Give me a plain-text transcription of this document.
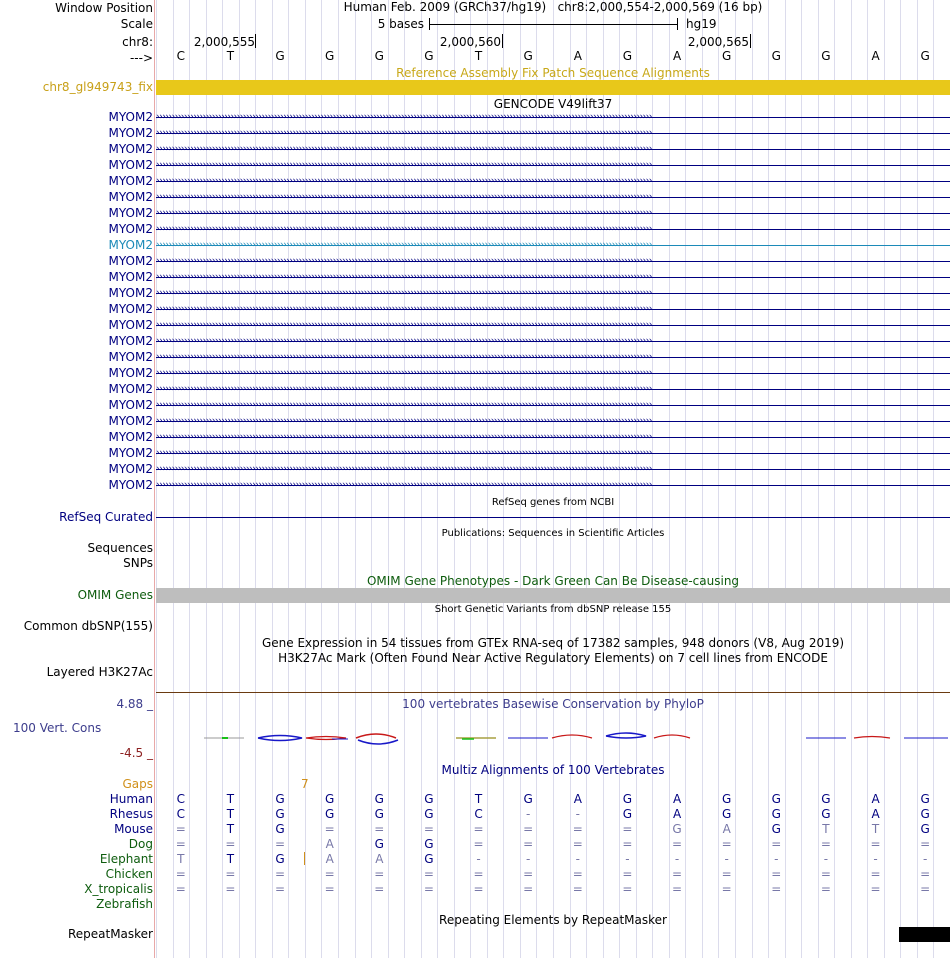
Window Position	Human Feb. 2009 (GRCh37/hg19)   chr8:2,000,554-2,000,569 (16 bp)
Scale	5 bases	hg19
chr8:	2,000,555	2,000,560	2,000,565
--->	C	T	G	G	G	G	T	G	A	G	A	G	G	G	A	G
Reference Assembly Fix Patch Sequence Alignments
chr8_gl949743_fix
GENCODE V49lift37
MYOM2 ››››››››››››››››››››››››››››››››››››››››››››››››››››››››››››››››››››››››››››››››››››››››››››››››››››››››››››››››››››››››››››››››››››››››››››››››››››››››››››››››
MYOM2 ››››››››››››››››››››››››››››››››››››››››››››››››››››››››››››››››››››››››››››››››››››››››››››››››››››››››››››››››››››››››››››››››››››››››››››››››››››››››››››››››
MYOM2 ››››››››››››››››››››››››››››››››››››››››››››››››››››››››››››››››››››››››››››››››››››››››››››››››››››››››››››››››››››››››››››››››››››››››››››››››››››››››››››››››
MYOM2 ››››››››››››››››››››››››››››››››››››››››››››››››››››››››››››››››››››››››››››››››››››››››››››››››››››››››››››››››››››››››››››››››››››››››››››››››››››››››››››››››
MYOM2 ››››››››››››››››››››››››››››››››››››››››››››››››››››››››››››››››››››››››››››››››››››››››››››››››››››››››››››››››››››››››››››››››››››››››››››››››››››››››››››››››
MYOM2 ››››››››››››››››››››››››››››››››››››››››››››››››››››››››››››››››››››››››››››››››››››››››››››››››››››››››››››››››››››››››››››››››››››››››››››››››››››››››››››››››
MYOM2 ››››››››››››››››››››››››››››››››››››››››››››››››››››››››››››››››››››››››››››››››››››››››››››››››››››››››››››››››››››››››››››››››››››››››››››››››››››››››››››››››
MYOM2 ››››››››››››››››››››››››››››››››››››››››››››››››››››››››››››››››››››››››››››››››››››››››››››››››››››››››››››››››››››››››››››››››››››››››››››››››››››››››››››››››
MYOM2 ››››››››››››››››››››››››››››››››››››››››››››››››››››››››››››››››››››››››››››››››››››››››››››››››››››››››››››››››››››››››››››››››››››››››››››››››››››››››››››››››
MYOM2 ››››››››››››››››››››››››››››››››››››››››››››››››››››››››››››››››››››››››››››››››››››››››››››››››››››››››››››››››››››››››››››››››››››››››››››››››››››››››››››››››
MYOM2 ››››››››››››››››››››››››››››››››››››››››››››››››››››››››››››››››››››››››››››››››››››››››››››››››››››››››››››››››››››››››››››››››››››››››››››››››››››››››››››››››
MYOM2 ››››››››››››››››››››››››››››››››››››››››››››››››››››››››››››››››››››››››››››››››››››››››››››››››››››››››››››››››››››››››››››››››››››››››››››››››››››››››››››››››
MYOM2 ››››››››››››››››››››››››››››››››››››››››››››››››››››››››››››››››››››››››››››››››››››››››››››››››››››››››››››››››››››››››››››››››››››››››››››››››››››››››››››››››
MYOM2 ››››››››››››››››››››››››››››››››››››››››››››››››››››››››››››››››››››››››››››››››››››››››››››››››››››››››››››››››››››››››››››››››››››››››››››››››››››››››››››››››
MYOM2 ››››››››››››››››››››››››››››››››››››››››››››››››››››››››››››››››››››››››››››››››››››››››››››››››››››››››››››››››››››››››››››››››››››››››››››››››››››››››››››››››
MYOM2 ››››››››››››››››››››››››››››››››››››››››››››››››››››››››››››››››››››››››››››››››››››››››››››››››››››››››››››››››››››››››››››››››››››››››››››››››››››››››››››››››
MYOM2 ››››››››››››››››››››››››››››››››››››››››››››››››››››››››››››››››››››››››››››››››››››››››››››››››››››››››››››››››››››››››››››››››››››››››››››››››››››››››››››››››
MYOM2 ››››››››››››››››››››››››››››››››››››››››››››››››››››››››››››››››››››››››››››››››››››››››››››››››››››››››››››››››››››››››››››››››››››››››››››››››››››››››››››››››
MYOM2 ››››››››››››››››››››››››››››››››››››››››››››››››››››››››››››››››››››››››››››››››››››››››››››››››››››››››››››››››››››››››››››››››››››››››››››››››››››››››››››››››
MYOM2 ››››››››››››››››››››››››››››››››››››››››››››››››››››››››››››››››››››››››››››››››››››››››››››››››››››››››››››››››››››››››››››››››››››››››››››››››››››››››››››››››
MYOM2 ››››››››››››››››››››››››››››››››››››››››››››››››››››››››››››››››››››››››››››››››››››››››››››››››››››››››››››››››››››››››››››››››››››››››››››››››››››››››››››››››
MYOM2 ››››››››››››››››››››››››››››››››››››››››››››››››››››››››››››››››››››››››››››››››››››››››››››››››››››››››››››››››››››››››››››››››››››››››››››››››››››››››››››››››
MYOM2 ››››››››››››››››››››››››››››››››››››››››››››››››››››››››››››››››››››››››››››››››››››››››››››››››››››››››››››››››››››››››››››››››››››››››››››››››››››››››››››››››
MYOM2 ››››››››››››››››››››››››››››››››››››››››››››››››››››››››››››››››››››››››››››››››››››››››››››››››››››››››››››››››››››››››››››››››››››››››››››››››››››››››››››››››
RefSeq genes from NCBI
RefSeq Curated
Publications: Sequences in Scientific Articles
Sequences
SNPs
OMIM Gene Phenotypes - Dark Green Can Be Disease-causing
OMIM Genes
Short Genetic Variants from dbSNP release 155
Common dbSNP(155)
Gene Expression in 54 tissues from GTEx RNA-seq of 17382 samples, 948 donors (V8, Aug 2019)
H3K27Ac Mark (Often Found Near Active Regulatory Elements) on 7 cell lines from ENCODE
Layered H3K27Ac
100 vertebrates Basewise Conservation by PhyloP
4.88 _
100 Vert. Cons
-4.5 _
Multiz Alignments of 100 Vertebrates
Gaps	7
Human	C	T	G	G	G	G	T	G	A	G	A	G	G	G	A	G
Rhesus	C	T	G	G	G	G	C	-	-	G	A	G	G	G	A	G
Mouse =	T	G	=	=	=	=	=	=	=	G	A	G	T	T	G
Dog =	=	=	A	G	G	=	=	=	=	=	=	=	=	=	=
Elephant	T	T	G	A	A	G	-	-	-	-	-	-	-	-	-	-
Chicken =	=	=	=	=	=	=	=	=	=	=	=	=	=	=	=
X_tropicalis =	=	=	=	=	=	=	=	=	=	=	=	=	=	=	=
Zebrafish
Repeating Elements by RepeatMasker
RepeatMasker
